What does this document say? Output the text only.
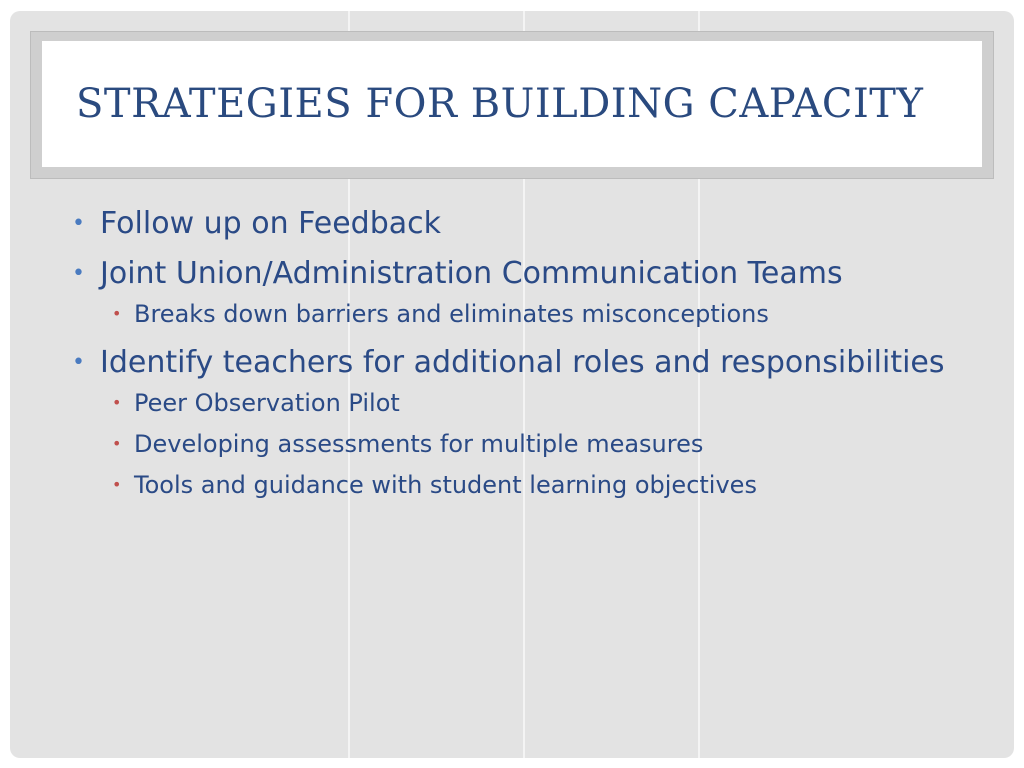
STRATEGIES FOR BUILDING CAPACITY
• Follow up on Feedback
• Joint Union/Administration Communication Teams
• Breaks down barriers and eliminates misconceptions
• Identify teachers for additional roles and responsibilities
• Peer Observation Pilot
• Developing assessments for multiple measures
• Tools and guidance with student learning objectives
